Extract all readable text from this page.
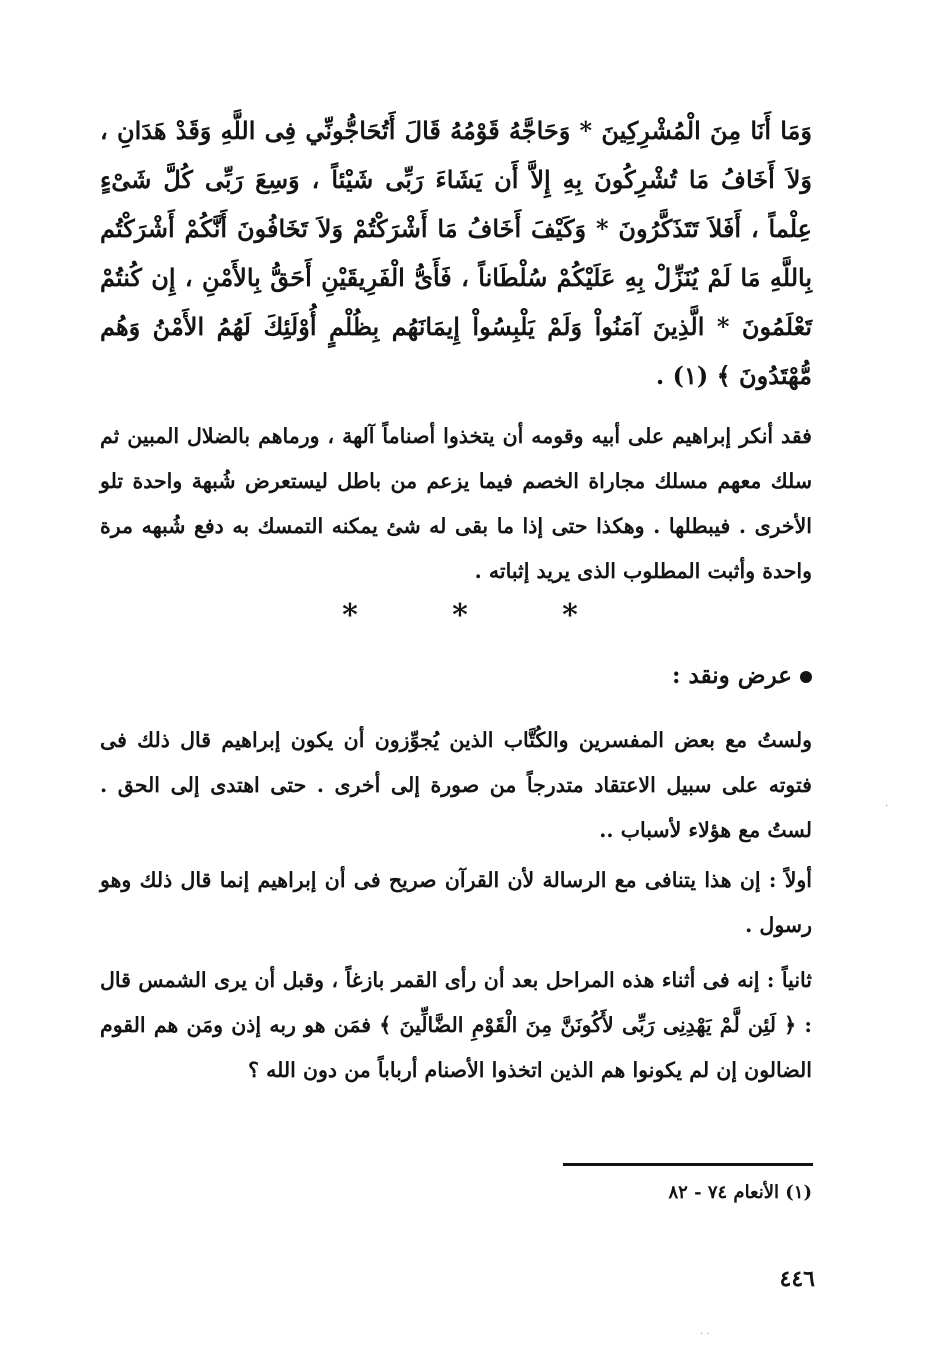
وَمَا أَنَا مِنَ الْمُشْرِكِينَ * وَحَاجَّهُ قَوْمُهُ قَالَ أَتُحَاجُّونِّي فِى اللَّهِ وَقَدْ هَدَانِ ، وَلاَ أَخَافُ مَا تُشْرِكُونَ بِهِ إِلاَّ أَن يَشَاءَ رَبِّى شَيْئاً ، وَسِعَ رَبِّى كُلَّ شَىْءٍ عِلْماً ، أَفَلاَ تَتَذَكَّرُونَ * وَكَيْفَ أَخَافُ مَا أَشْرَكْتُمْ وَلاَ تَخَافُونَ أَنَّكُمْ أَشْرَكْتُم بِاللَّهِ مَا لَمْ يُنَزِّلْ بِهِ عَلَيْكُمْ سُلْطَاناً ، فَأَىُّ الْفَرِيقَيْنِ أَحَقُّ بِالأَمْنِ ، إِن كُنتُمْ تَعْلَمُونَ * الَّذِينَ آمَنُواْ وَلَمْ يَلْبِسُواْ إِيمَانَهُم بِظُلْمٍ أُوْلَئِكَ لَهُمُ الأَمْنُ وَهُم مُّهْتَدُونَ ﴾ (١) .
فقد أنكر إبراهيم على أبيه وقومه أن يتخذوا أصناماً آلهة ، ورماهم بالضلال المبين ثم سلك معهم مسلك مجاراة الخصم فيما يزعم من باطل ليستعرض شُبهة واحدة تلو الأخرى . فيبطلها . وهكذا حتى إذا ما بقى له شئ يمكنه التمسك به دفع شُبهه مرة واحدة وأثبت المطلوب الذى يريد إثباته .
*	*	*
عرض ونقد :
ولستُ مع بعض المفسرين والكُتَّاب الذين يُجوِّزون أن يكون إبراهيم قال ذلك فى فتوته على سبيل الاعتقاد متدرجاً من صورة إلى أخرى . حتى اهتدى إلى الحق . لستُ مع هؤلاء لأسباب ..
أولاً : إن هذا يتنافى مع الرسالة لأن القرآن صريح فى أن إبراهيم إنما قال ذلك وهو رسول .
ثانياً : إنه فى أثناء هذه المراحل بعد أن رأى القمر بازغاً ، وقبل أن يرى الشمس قال : ﴿ لَئِن لَّمْ يَهْدِنِى رَبِّى لأَكُونَنَّ مِنَ الْقَوْمِ الضَّالِّينَ ﴾ فمَن هو ربه إذن ومَن هم القوم الضالون إن لم يكونوا هم الذين اتخذوا الأصنام أرباباً من دون الله ؟
(١) الأنعام ٧٤ - ٨٢
٤٤٦
·
· ·
